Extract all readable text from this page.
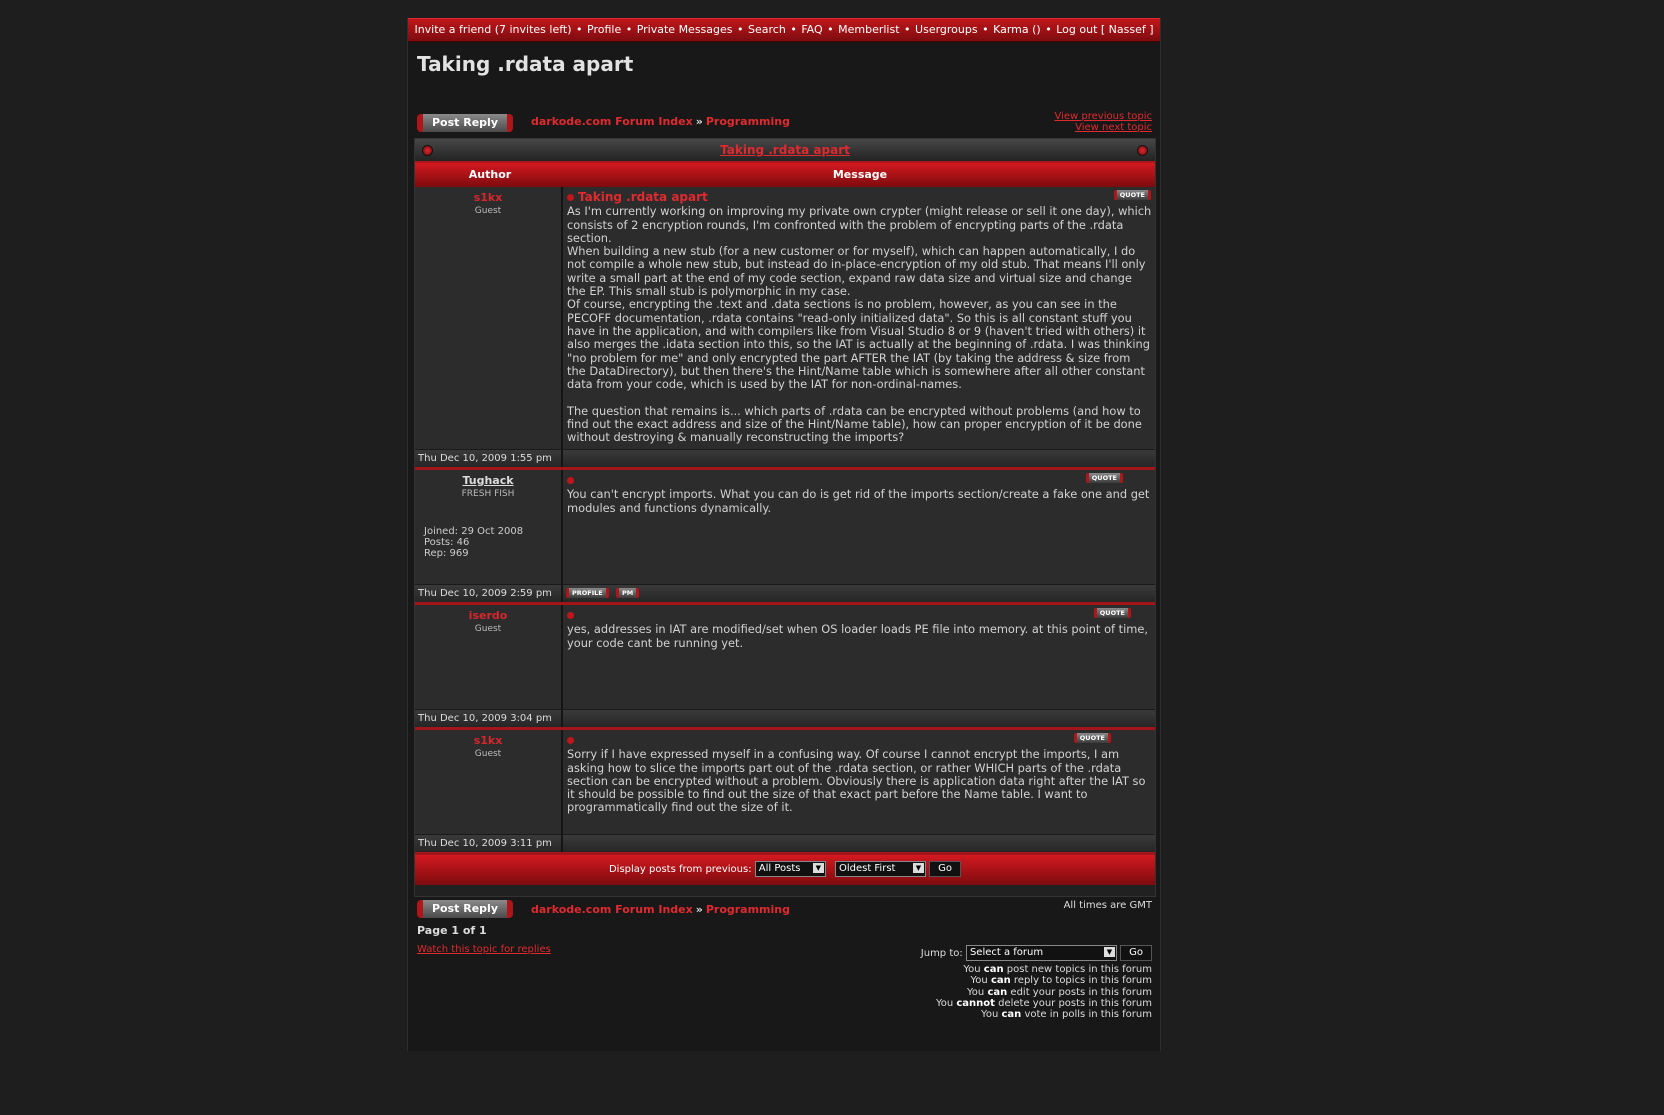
Invite a friend (7 invites left) • Profile • Private Messages • Search • FAQ • Memberlist • Usergroups • Karma () • Log out [ Nassef ]
Taking .rdata apart
Post Reply	darkode.com Forum Index » Programming	View previous topic
View next topic
Taking .rdata apart
Author	Message
s1kx
Guest
QUOTE
Taking .rdata apart
As I'm currently working on improving my private own crypter (might release or sell it one day), which consists of 2 encryption rounds, I'm confronted with the problem of encrypting parts of the .rdata section.
When building a new stub (for a new customer or for myself), which can happen automatically, I do not compile a whole new stub, but instead do in-place-encryption of my old stub. That means I'll only write a small part at the end of my code section, expand raw data size and virtual size and change the EP. This small stub is polymorphic in my case.
Of course, encrypting the .text and .data sections is no problem, however, as you can see in the PECOFF documentation, .rdata contains "read-only initialized data". So this is all constant stuff you have in the application, and with compilers like from Visual Studio 8 or 9 (haven't tried with others) it also merges the .idata section into this, so the IAT is actually at the beginning of .rdata. I was thinking "no problem for me" and only encrypted the part AFTER the IAT (by taking the address & size from the DataDirectory), but then there's the Hint/Name table which is somewhere after all other constant data from your code, which is used by the IAT for non-ordinal-names.

The question that remains is... which parts of .rdata can be encrypted without problems (and how to find out the exact address and size of the Hint/Name table), how can proper encryption of it be done without destroying & manually reconstructing the imports?
Thu Dec 10, 2009 1:55 pm
Tughack
FRESH FISH
Joined: 29 Oct 2008
Posts: 46
Rep: 969
QUOTE
You can't encrypt imports. What you can do is get rid of the imports section/create a fake one and get modules and functions dynamically.
Thu Dec 10, 2009 2:59 pm	PROFILE	PM
iserdo
Guest
QUOTE
yes, addresses in IAT are modified/set when OS loader loads PE file into memory. at this point of time, your code cant be running yet.
Thu Dec 10, 2009 3:04 pm
s1kx
Guest
QUOTE
Sorry if I have expressed myself in a confusing way. Of course I cannot encrypt the imports, I am asking how to slice the imports part out of the .rdata section, or rather WHICH parts of the .rdata section can be encrypted without a problem. Obviously there is application data right after the IAT so it should be possible to find out the size of that exact part before the Name table. I want to programmatically find out the size of it.
Thu Dec 10, 2009 3:11 pm
Display posts from previous: All Posts	▼ Oldest First	▼ Go
Post Reply	darkode.com Forum Index » Programming	All times are GMT
Page 1 of 1
Watch this topic for replies	Jump to: Select a forum	▼ Go
You can post new topics in this forum
You can reply to topics in this forum
You can edit your posts in this forum
You cannot delete your posts in this forum
You can vote in polls in this forum
